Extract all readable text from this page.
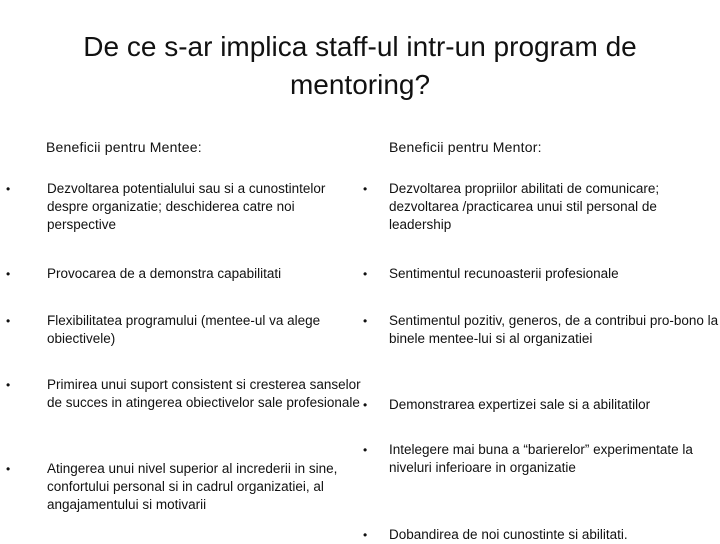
De ce s-ar implica staff-ul intr-un program de mentoring?
Beneficii pentru Mentee:	Beneficii pentru Mentor:
•	Dezvoltarea potentialului sau si a cunostintelor despre organizatie; deschiderea catre noi perspective
•	Provocarea de a demonstra capabilitati
•	Flexibilitatea programului (mentee-ul va alege obiectivele)
•	Primirea unui suport consistent si cresterea sanselor de succes in atingerea obiectivelor sale profesionale
•	Atingerea unui nivel superior al increderii in sine, confortului personal si in cadrul organizatiei, al angajamentului si motivarii
• Dezvoltarea propriilor abilitati de comunicare; dezvoltarea /practicarea unui stil personal de leadership
• Sentimentul recunoasterii profesionale
• Sentimentul pozitiv, generos, de a contribui pro-bono la binele mentee-lui si al organizatiei
• Demonstrarea expertizei sale si a abilitatilor
• Intelegere mai buna a “barierelor” experimentate la niveluri inferioare in organizatie
• Dobandirea de noi cunostinte si abilitati.
